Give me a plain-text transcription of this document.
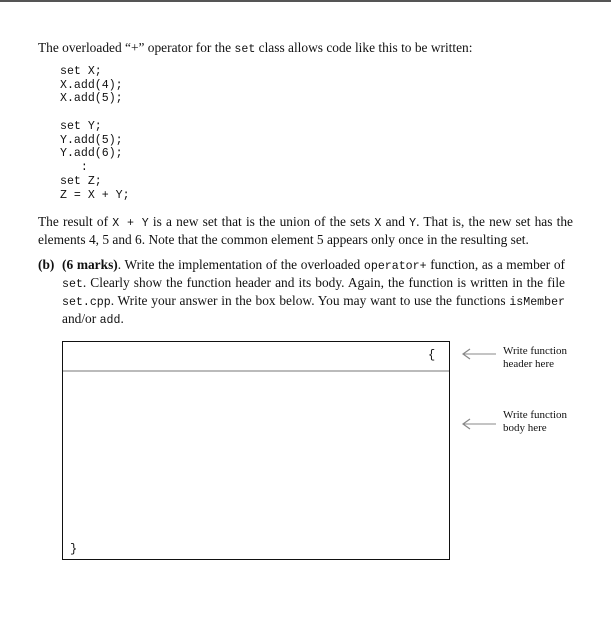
The overloaded “+” operator for the set class allows code like this to be written:
set X;
X.add(4);
X.add(5);
set Y;
Y.add(5);
Y.add(6);
:
set Z;
Z = X + Y;
The result of X + Y is a new set that is the union of the sets X and Y. That is, the new set has the elements 4, 5 and 6. Note that the common element 5 appears only once in the resulting set.
(b) (6 marks). Write the implementation of the overloaded operator+ function, as a member of set. Clearly show the function header and its body. Again, the function is written in the file set.cpp. Write your answer in the box below. You may want to use the functions isMember and/or add.
{
}
Write function header here
Write function body here
